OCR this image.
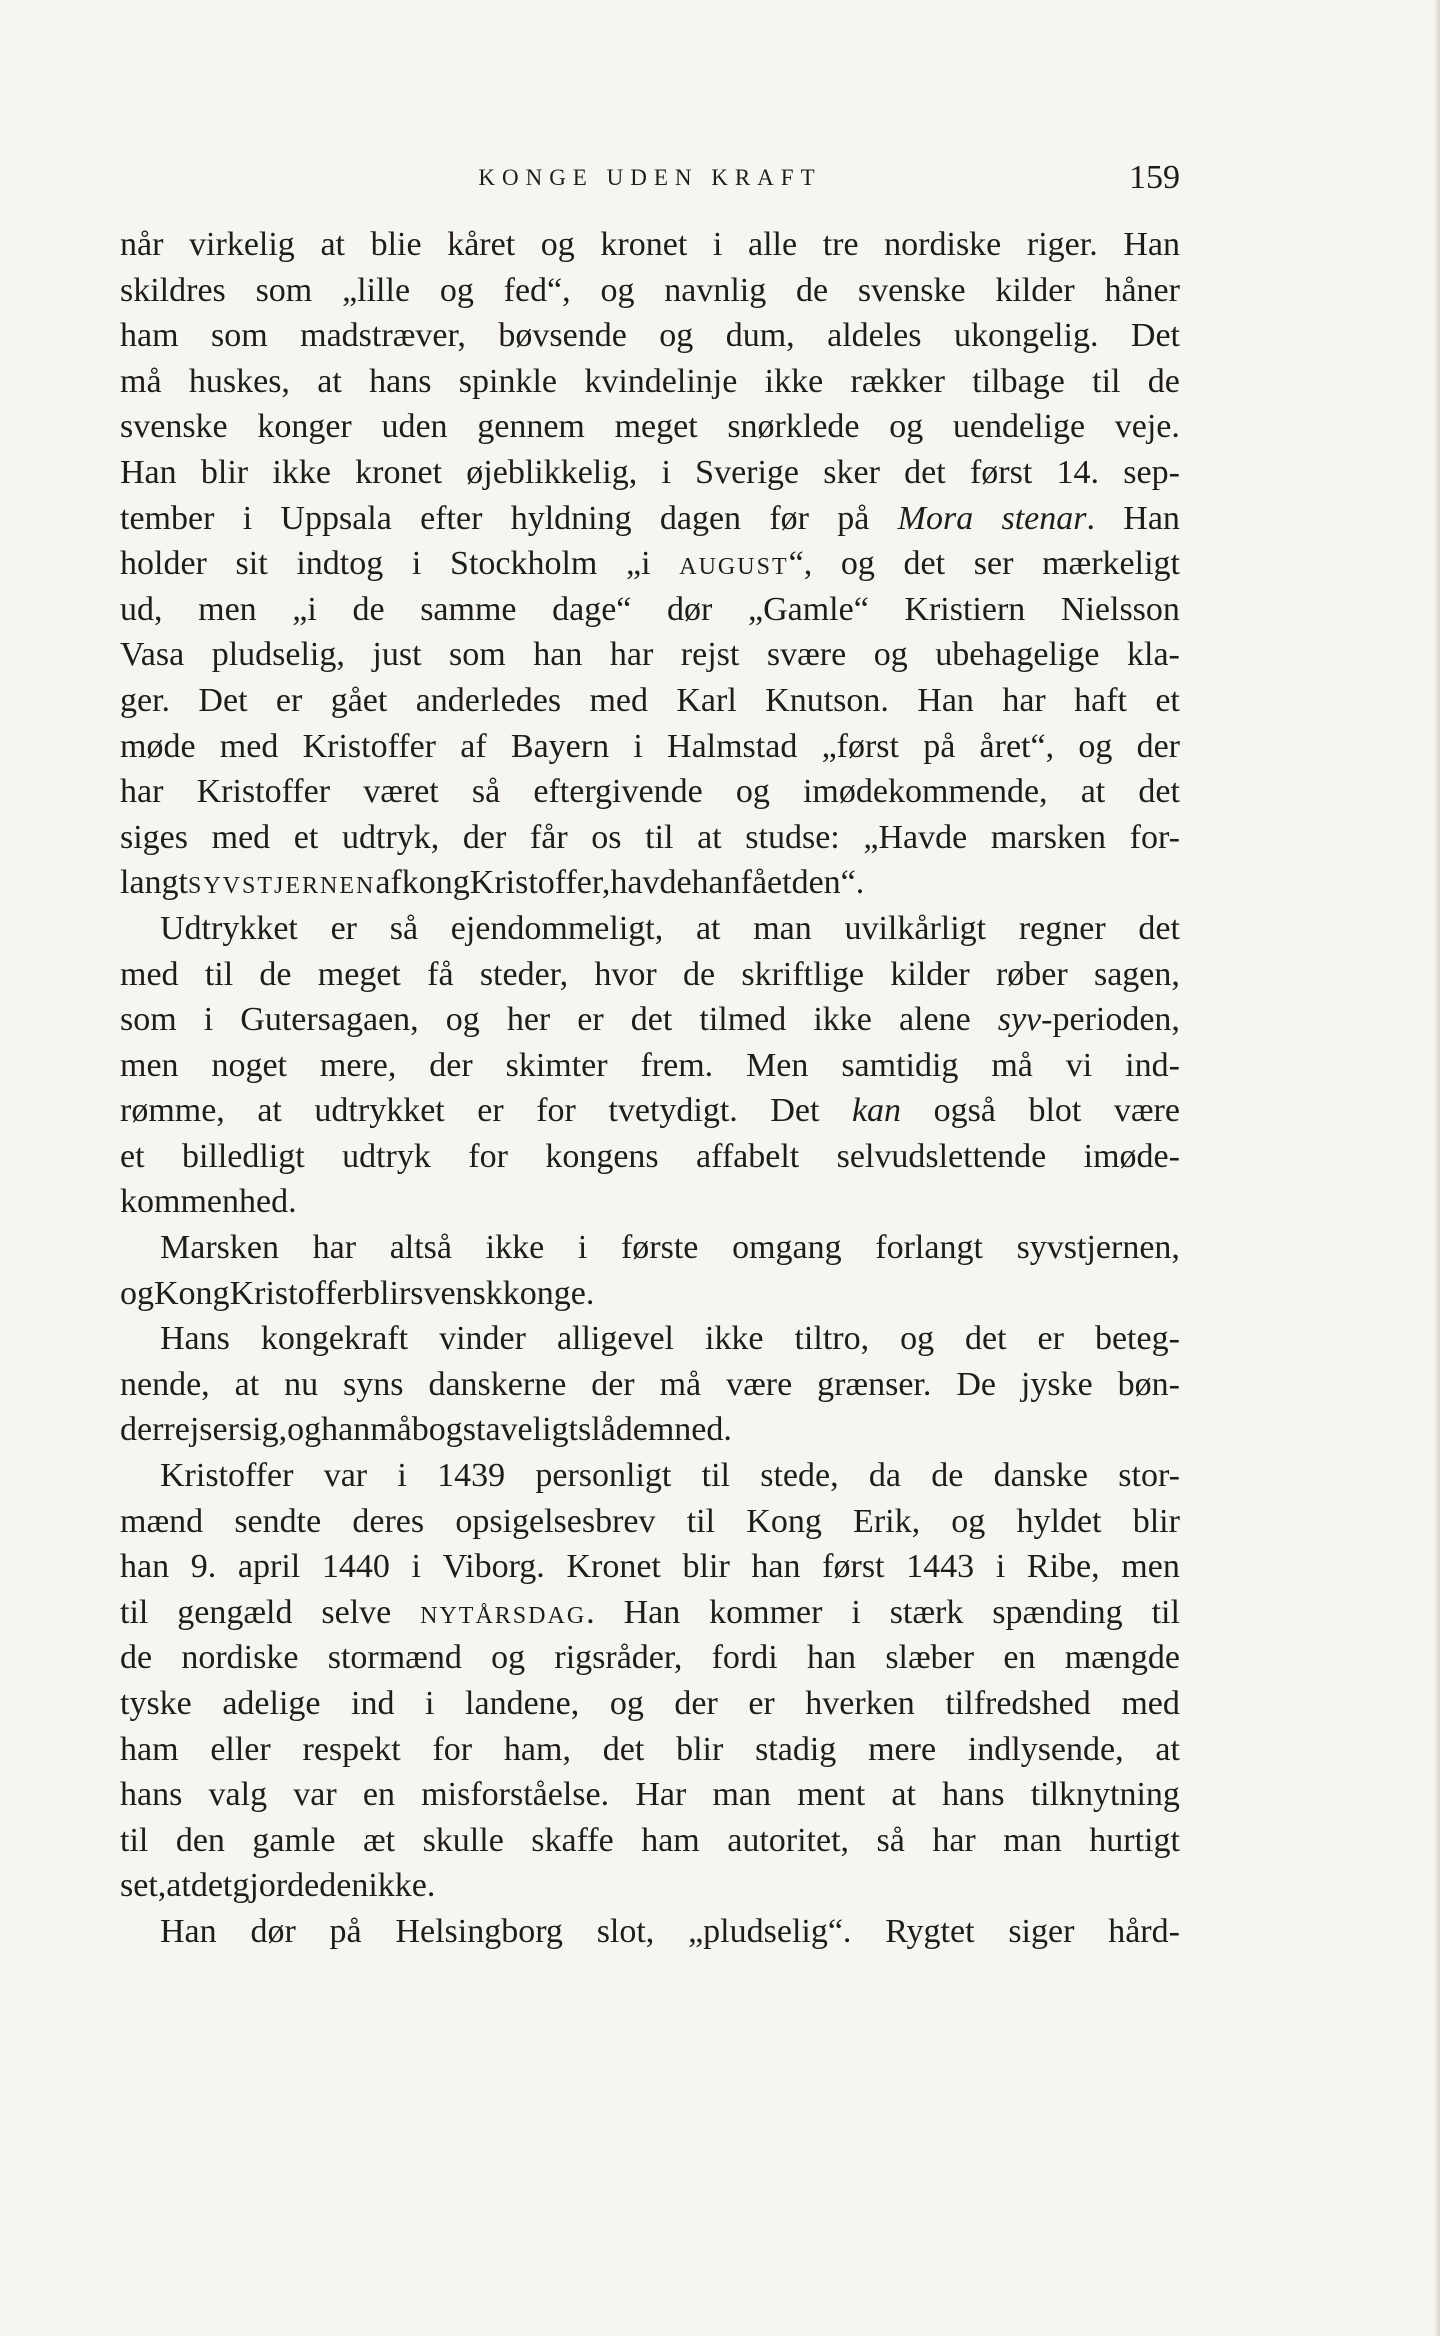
KONGE UDEN KRAFT	159
når virkelig at blie kåret og kronet i alle tre nordiske riger. Han
skildres som „lille og fed“, og navnlig de svenske kilder håner
ham som madstræver, bøvsende og dum, aldeles ukongelig. Det
må huskes, at hans spinkle kvindelinje ikke rækker tilbage til de
svenske konger uden gennem meget snørklede og uendelige veje.
Han blir ikke kronet øjeblikkelig, i Sverige sker det først 14. sep-
tember i Uppsala efter hyldning dagen før på Mora stenar. Han
holder sit indtog i Stockholm „i AUGUST“, og det ser mærkeligt
ud, men „i de samme dage“ dør „Gamle“ Kristiern Nielsson
Vasa pludselig, just som han har rejst svære og ubehagelige kla-
ger. Det er gået anderledes med Karl Knutson. Han har haft et
møde med Kristoffer af Bayern i Halmstad „først på året“, og der
har Kristoffer været så eftergivende og imødekommende, at det
siges med et udtryk, der får os til at studse: „Havde marsken for-
langt SYVSTJERNEN af kong Kristoffer, havde han fået den“.
Udtrykket er så ejendommeligt, at man uvilkårligt regner det
med til de meget få steder, hvor de skriftlige kilder røber sagen,
som i Gutersagaen, og her er det tilmed ikke alene syv-perioden,
men noget mere, der skimter frem. Men samtidig må vi ind-
rømme, at udtrykket er for tvetydigt. Det kan også blot være
et billedligt udtryk for kongens affabelt selvudslettende imøde-
kommenhed.
Marsken har altså ikke i første omgang forlangt syvstjernen,
og Kong Kristoffer blir svensk konge.
Hans kongekraft vinder alligevel ikke tiltro, og det er beteg-
nende, at nu syns danskerne der må være grænser. De jyske bøn-
der rejser sig, og han må bogstaveligt slå dem ned.
Kristoffer var i 1439 personligt til stede, da de danske stor-
mænd sendte deres opsigelsesbrev til Kong Erik, og hyldet blir
han 9. april 1440 i Viborg. Kronet blir han først 1443 i Ribe, men
til gengæld selve NYTÅRSDAG. Han kommer i stærk spænding til
de nordiske stormænd og rigsråder, fordi han slæber en mængde
tyske adelige ind i landene, og der er hverken tilfredshed med
ham eller respekt for ham, det blir stadig mere indlysende, at
hans valg var en misforståelse. Har man ment at hans tilknytning
til den gamle æt skulle skaffe ham autoritet, så har man hurtigt
set, at det gjorde den ikke.
Han dør på Helsingborg slot, „pludselig“. Rygtet siger hård-
